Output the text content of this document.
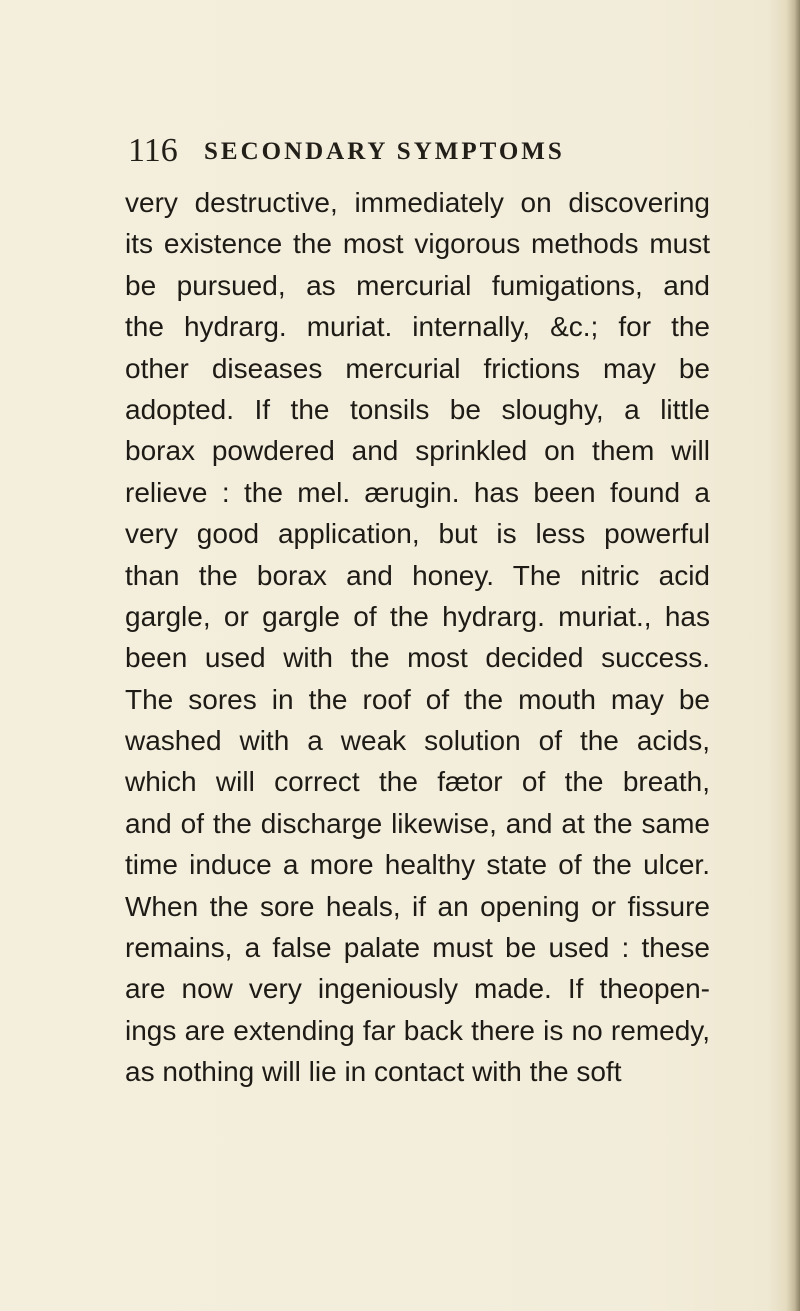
116 SECONDARY SYMPTOMS
very destructive, immediately on discovering
its existence the most vigorous methods must
be pursued, as mercurial fumigations, and
the hydrarg. muriat. internally, &c.; for the
other diseases mercurial frictions may be
adopted. If the tonsils be sloughy, a little
borax powdered and sprinkled on them will
relieve : the mel. ærugin. has been found a
very good application, but is less powerful
than the borax and honey. The nitric acid
gargle, or gargle of the hydrarg. muriat., has
been used with the most decided success.
The sores in the roof of the mouth may be
washed with a weak solution of the acids,
which will correct the fætor of the breath,
and of the discharge likewise, and at the same
time induce a more healthy state of the ulcer.
When the sore heals, if an opening or fissure
remains, a false palate must be used : these
are now very ingeniously made. If theopen-
ings are extending far back there is no remedy,
as nothing will lie in contact with the soft
